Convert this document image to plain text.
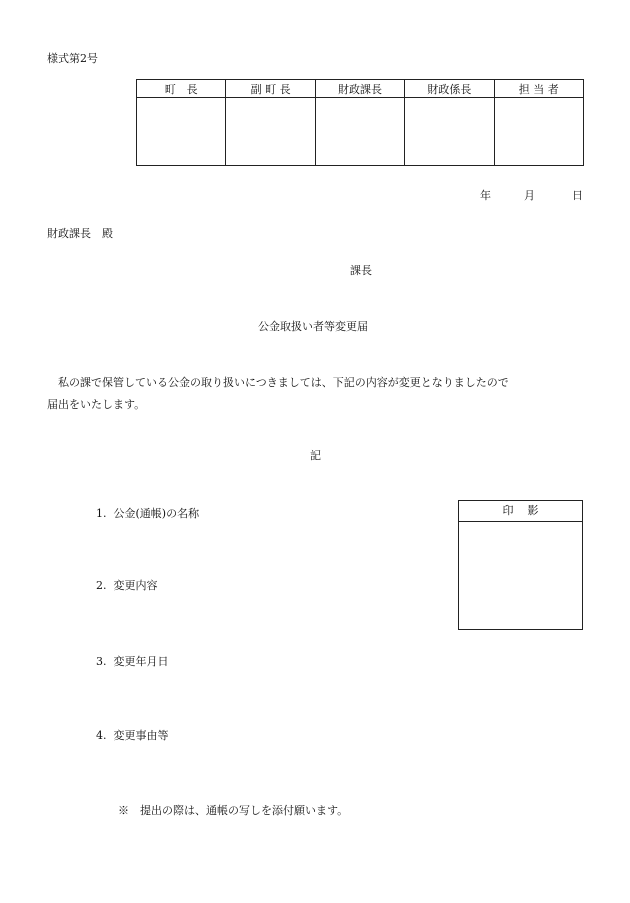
様式第2号
町　長	副 町 長	財政課長	財政係長	担 当 者

年	月	日
財政課長　殿
課長
公金取扱い者等変更届
　私の課で保管している公金の取り扱いにつきましては、下記の内容が変更となりましたので
届出をいたします。
記
1. 公金(通帳)の名称
2. 変更内容
3. 変更年月日
4. 変更事由等
印影
※　提出の際は、通帳の写しを添付願います。
